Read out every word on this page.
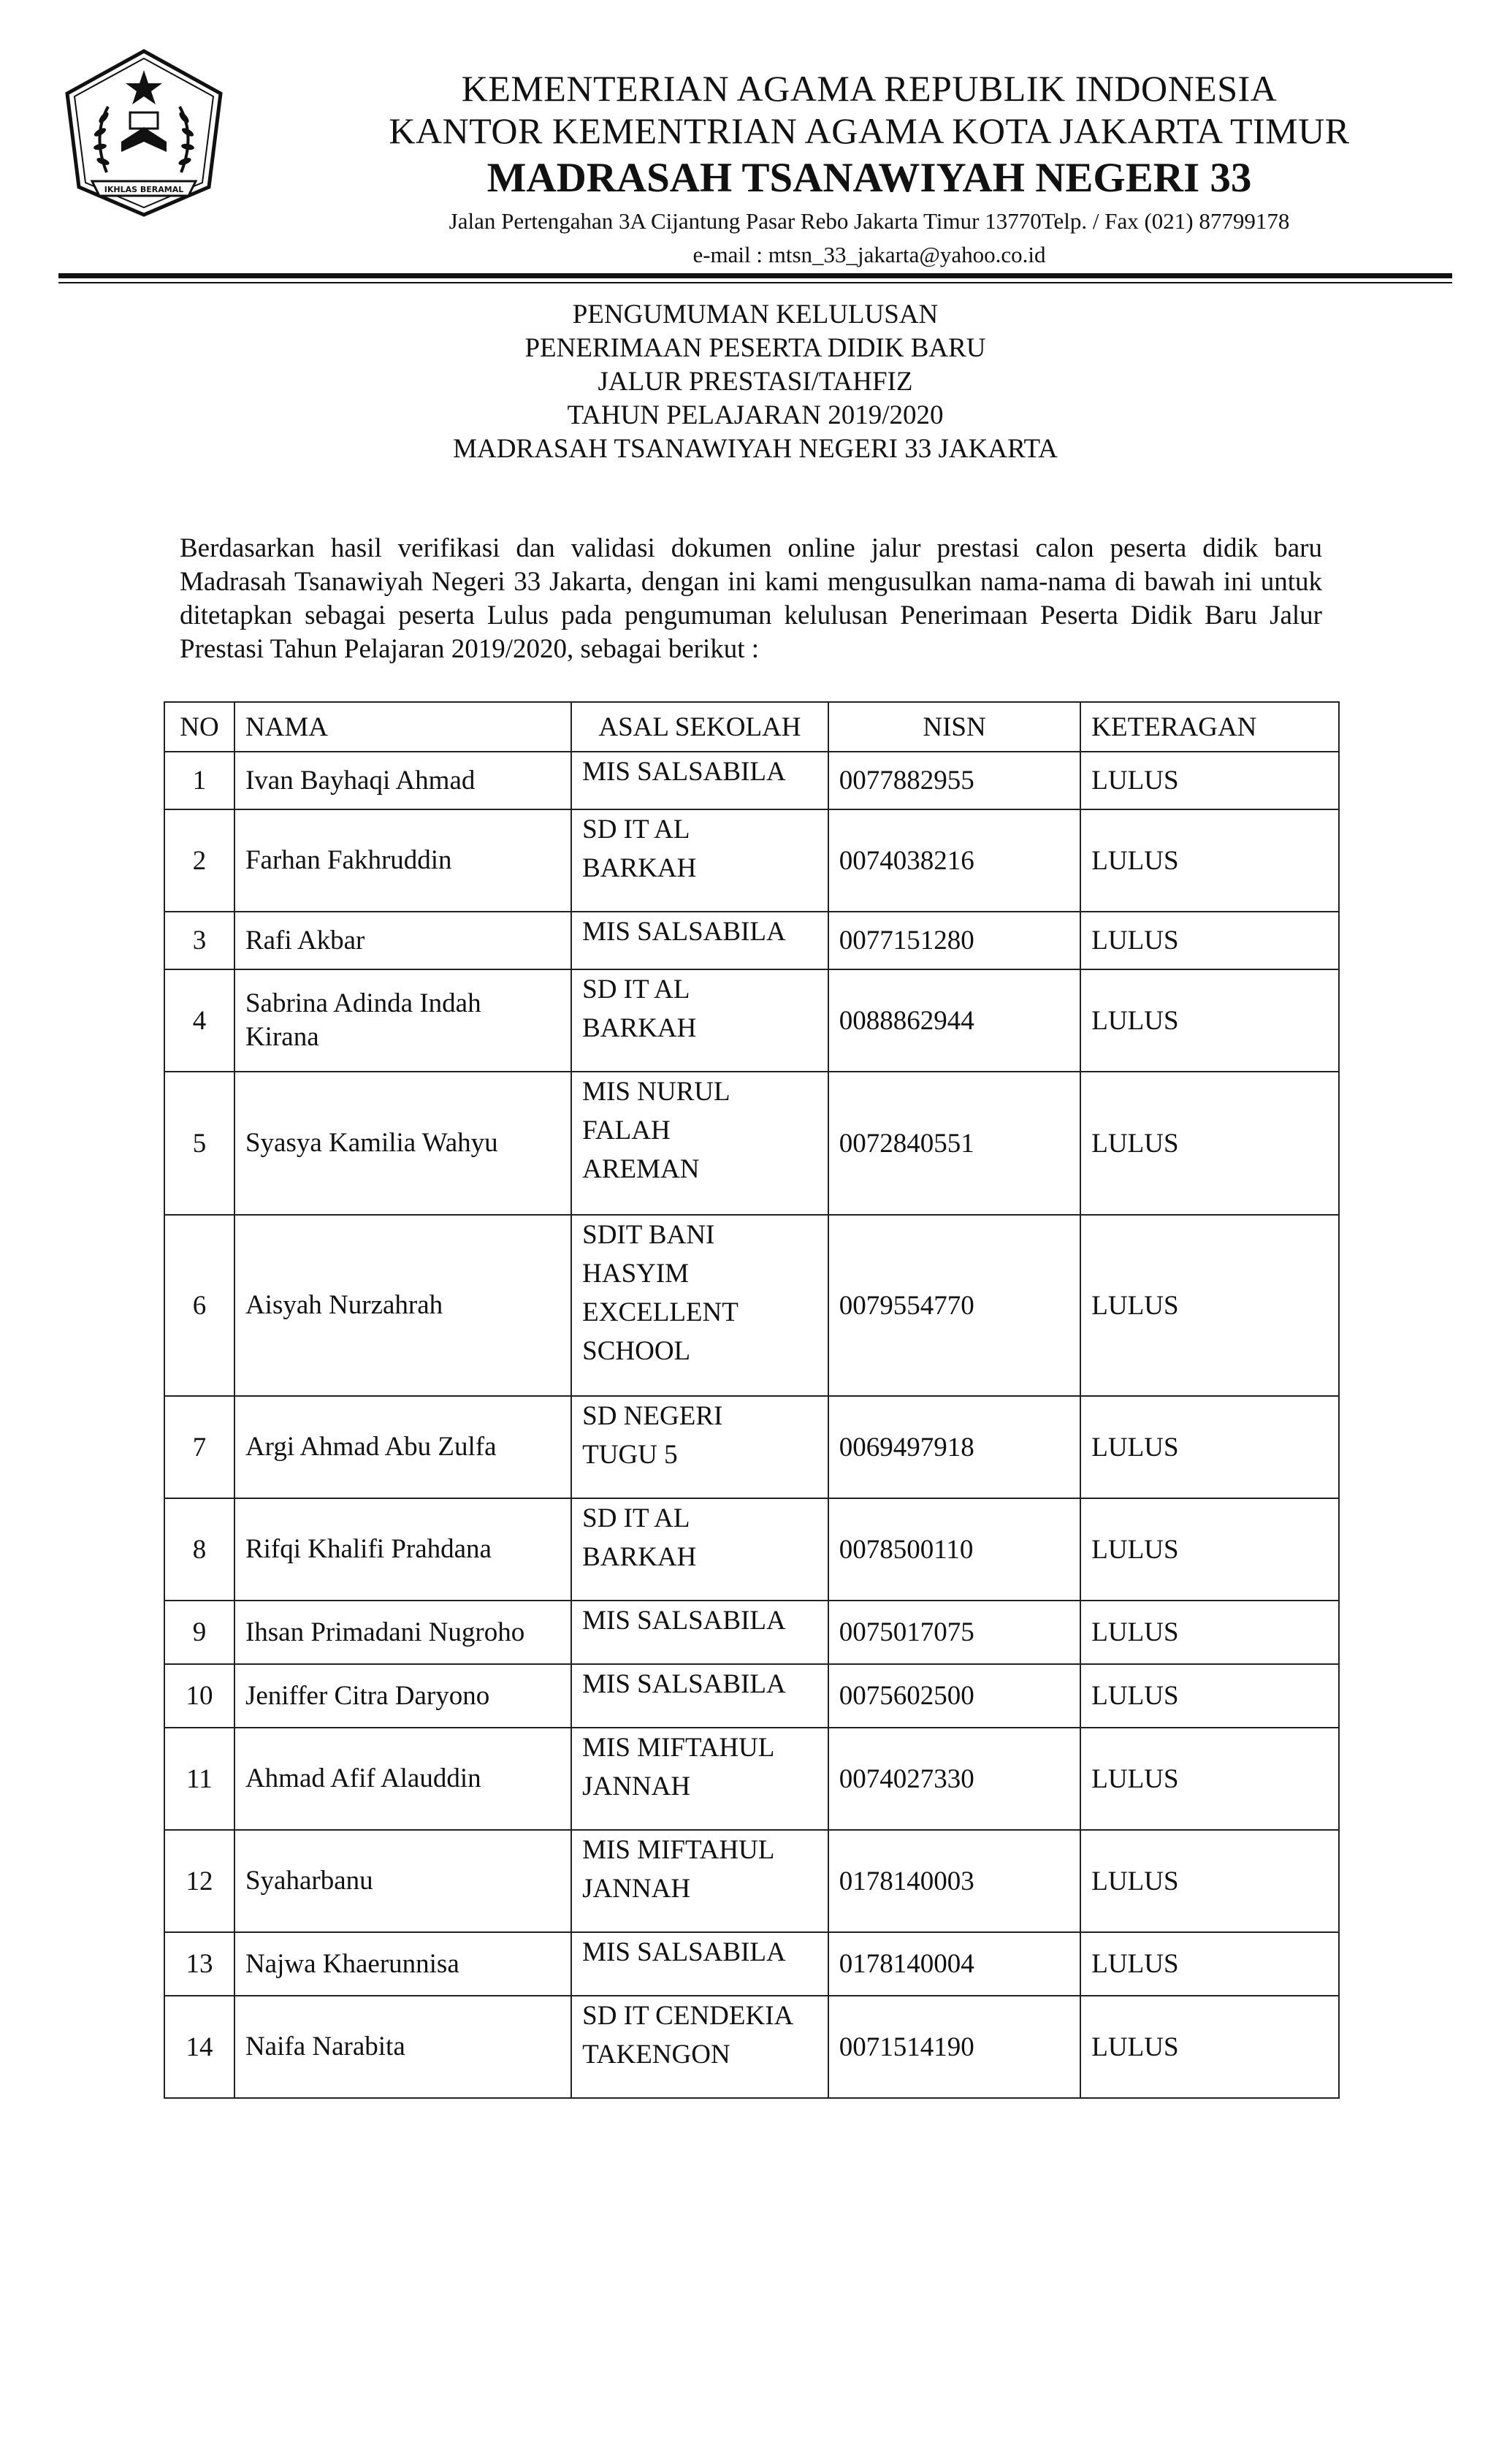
IKHLAS BERAMAL
KEMENTERIAN AGAMA REPUBLIK INDONESIA
KANTOR KEMENTRIAN AGAMA KOTA JAKARTA TIMUR
MADRASAH TSANAWIYAH NEGERI 33
Jalan Pertengahan 3A Cijantung Pasar Rebo Jakarta Timur 13770Telp. / Fax (021) 87799178
e-mail : mtsn_33_jakarta@yahoo.co.id
PENGUMUMAN KELULUSAN
PENERIMAAN PESERTA DIDIK BARU
JALUR PRESTASI/TAHFIZ
TAHUN PELAJARAN 2019/2020
MADRASAH TSANAWIYAH NEGERI 33 JAKARTA

Berdasarkan hasil verifikasi dan validasi dokumen online jalur prestasi calon peserta didik baru Madrasah Tsanawiyah Negeri 33 Jakarta, dengan ini kami mengusulkan nama-nama di bawah ini untuk ditetapkan sebagai peserta Lulus pada pengumuman kelulusan Penerimaan Peserta Didik Baru Jalur Prestasi Tahun Pelajaran 2019/2020, sebagai berikut :

NO	NAMA	ASAL SEKOLAH	NISN	KETERAGAN
1	Ivan Bayhaqi Ahmad	MIS SALSABILA	0077882955	LULUS
2	Farhan Fakhruddin	SD IT AL
BARKAH	0074038216	LULUS
3	Rafi Akbar	MIS SALSABILA	0077151280	LULUS
4	Sabrina Adinda Indah Kirana	SD IT AL
BARKAH	0088862944	LULUS
5	Syasya Kamilia Wahyu	MIS NURUL
FALAH
AREMAN	0072840551	LULUS
6	Aisyah Nurzahrah	SDIT BANI
HASYIM
EXCELLENT
SCHOOL	0079554770	LULUS
7	Argi Ahmad Abu Zulfa	SD NEGERI
TUGU 5	0069497918	LULUS
8	Rifqi Khalifi Prahdana	SD IT AL
BARKAH	0078500110	LULUS
9	Ihsan Primadani Nugroho	MIS SALSABILA	0075017075	LULUS
10	Jeniffer Citra Daryono	MIS SALSABILA	0075602500	LULUS
11	Ahmad Afif Alauddin	MIS MIFTAHUL
JANNAH	0074027330	LULUS
12	Syaharbanu	MIS MIFTAHUL
JANNAH	0178140003	LULUS
13	Najwa Khaerunnisa	MIS SALSABILA	0178140004	LULUS
14	Naifa Narabita	SD IT CENDEKIA
TAKENGON	0071514190	LULUS
